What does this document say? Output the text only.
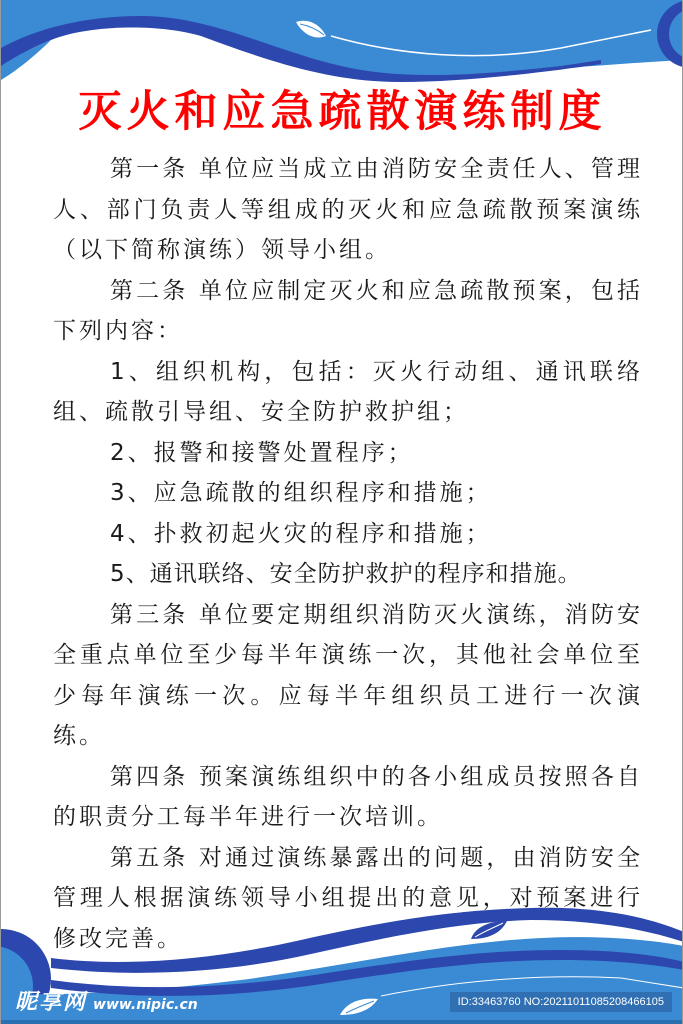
灭火和应急疏散演练制度

第一条 单位应当成立由消防安全责任人、管理人、部门负责人等组成的灭火和应急疏散预案演练（以下简称演练）领导小组。

第二条 单位应制定灭火和应急疏散预案，包括下列内容：

1、组织机构，包括：灭火行动组、通讯联络组、疏散引导组、安全防护救护组；

2、报警和接警处置程序；

3、应急疏散的组织程序和措施；

4、扑救初起火灾的程序和措施；

5、通讯联络、安全防护救护的程序和措施。

第三条 单位要定期组织消防灭火演练，消防安全重点单位至少每半年演练一次，其他社会单位至少每年演练一次。应每半年组织员工进行一次演练。

第四条 预案演练组织中的各小组成员按照各自的职责分工每半年进行一次培训。

第五条 对通过演练暴露出的问题，由消防安全管理人根据演练领导小组提出的意见，对预案进行修改完善。

昵享网 www.nipic.cn	ID:33463760 NO:20211011085208466105
